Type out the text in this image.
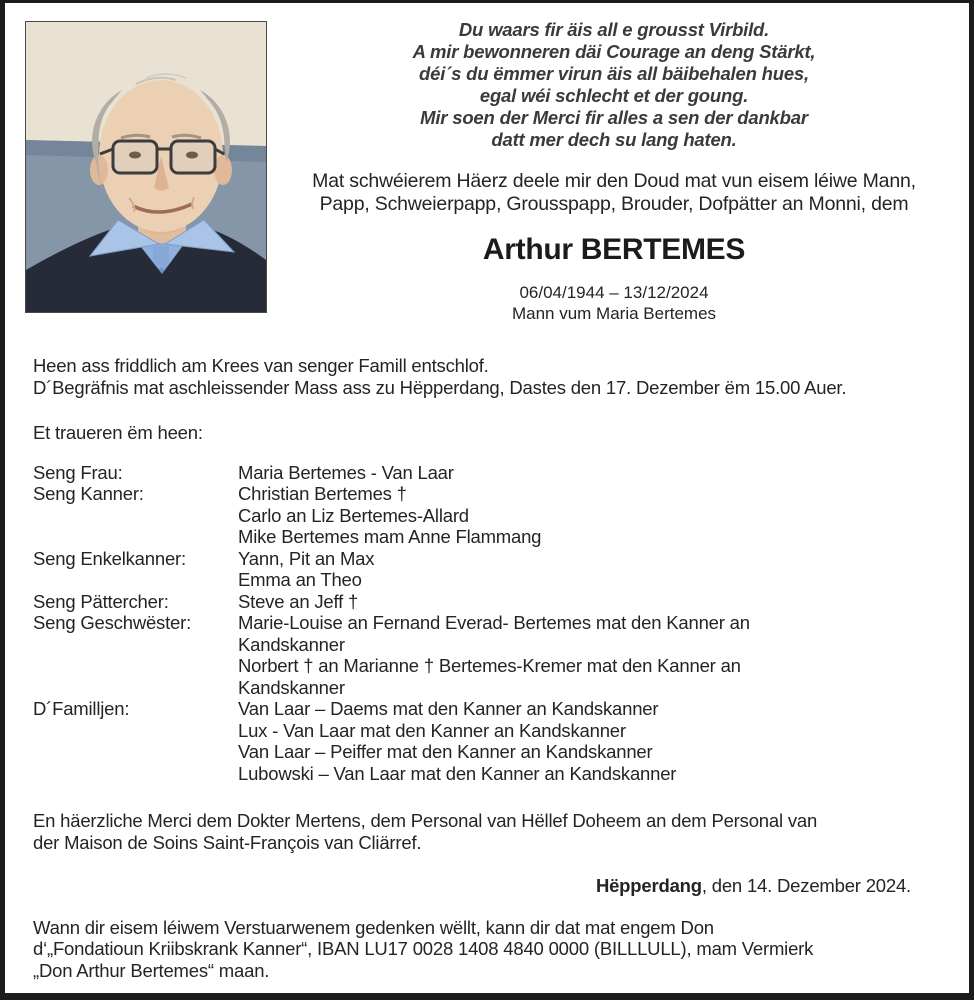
Du waars fir äis all e grousst Virbild.
A mir bewonneren däi Courage an deng Stärkt,
déi´s du ëmmer virun äis all bäibehalen hues,
egal wéi schlecht et der goung.
Mir soen der Merci fir alles a sen der dankbar
datt mer dech su lang haten.
Mat schwéierem Häerz deele mir den Doud mat vun eisem léiwe Mann,
Papp, Schweierpapp, Grousspapp, Brouder, Dofpätter an Monni, dem
Arthur BERTEMES
06/04/1944 – 13/12/2024
Mann vum Maria Bertemes
Heen ass friddlich am Krees van senger Famill entschlof.
D´Begräfnis mat aschleissender Mass ass zu Hëpperdang, Dastes den 17. Dezember ëm 15.00 Auer.
Et traueren ëm heen:
Seng Frau:	Maria Bertemes - Van Laar
Seng Kanner:	Christian Bertemes †
Carlo an Liz Bertemes-Allard
Mike Bertemes mam Anne Flammang
Seng Enkelkanner:	Yann, Pit an Max
Emma an Theo
Seng Pättercher:	Steve an Jeff †
Seng Geschwëster:	Marie-Louise an Fernand Everad- Bertemes mat den Kanner an
Kandskanner
Norbert † an Marianne † Bertemes-Kremer mat den Kanner an
Kandskanner
D´Familljen:	Van Laar – Daems mat den Kanner an Kandskanner
Lux - Van Laar mat den Kanner an Kandskanner
Van Laar – Peiffer mat den Kanner an Kandskanner
Lubowski – Van Laar mat den Kanner an Kandskanner
En häerzliche Merci dem Dokter Mertens, dem Personal van Hëllef Doheem an dem Personal van
der Maison de Soins Saint-François van Cliärref.
Hëpperdang, den 14. Dezember 2024.
Wann dir eisem léiwem Verstuarwenem gedenken wëllt, kann dir dat mat engem Don
d‘„Fondatioun Kriibskrank Kanner“, IBAN LU17 0028 1408 4840 0000 (BILLLULL), mam Vermierk
„Don Arthur Bertemes“ maan.
